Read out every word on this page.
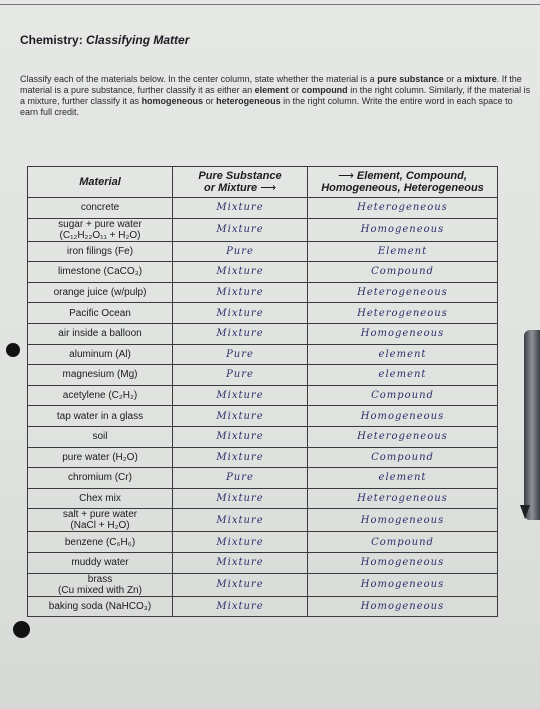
Chemistry: Classifying Matter
Classify each of the materials below. In the center column, state whether the material is a pure substance or a mixture. If the material is a pure substance, further classify it as either an element or compound in the right column. Similarly, if the material is a mixture, further classify it as homogeneous or heterogeneous in the right column. Write the entire word in each space to earn full credit.
Material	Pure Substance
or Mixture ⟶	⟶ Element, Compound,
Homogeneous, Heterogeneous
concrete	Mixture	Heterogeneous
sugar + pure water
(C₁₂H₂₂O₁₁ + H₂O)	Mixture	Homogeneous
iron filings (Fe)	Pure	Element
limestone (CaCO₃)	Mixture	Compound
orange juice (w/pulp)	Mixture	Heterogeneous
Pacific Ocean	Mixture	Heterogeneous
air inside a balloon	Mixture	Homogeneous
aluminum (Al)	Pure	element
magnesium (Mg)	Pure	element
acetylene (C₂H₂)	Mixture	Compound
tap water in a glass	Mixture	Homogeneous
soil	Mixture	Heterogeneous
pure water (H₂O)	Mixture	Compound
chromium (Cr)	Pure	element
Chex mix	Mixture	Heterogeneous
salt + pure water
(NaCl + H₂O)	Mixture	Homogeneous
benzene (C₆H₆)	Mixture	Compound
muddy water	Mixture	Homogeneous
brass
(Cu mixed with Zn)	Mixture	Homogeneous
baking soda (NaHCO₃)	Mixture	Homogeneous
